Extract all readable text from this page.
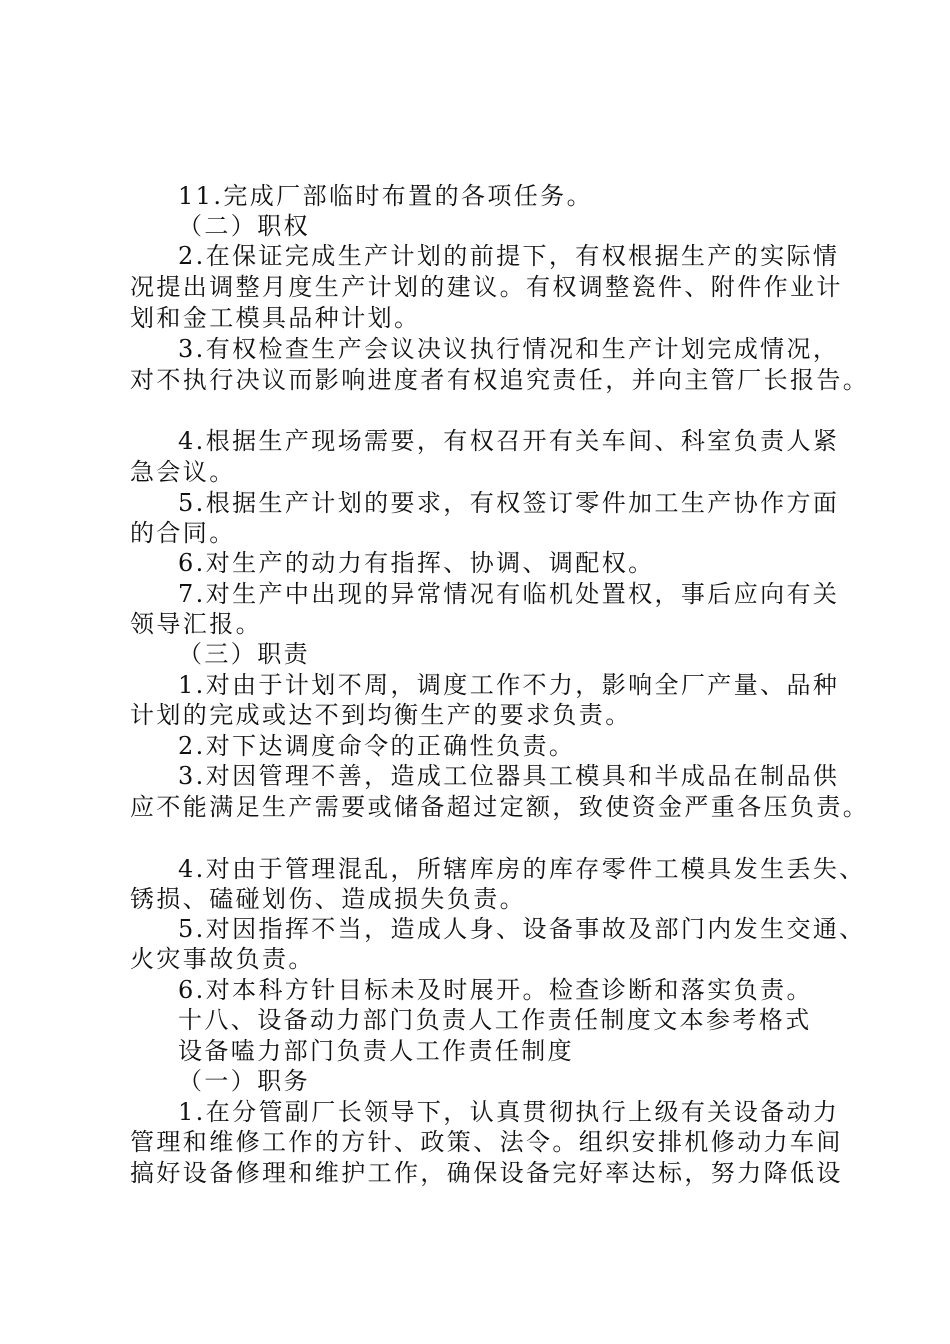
11.完成厂部临时布置的各项任务。
（二）职权
2.在保证完成生产计划的前提下，有权根据生产的实际情
况提出调整月度生产计划的建议。有权调整瓷件、附件作业计
划和金工模具品种计划。
3.有权检查生产会议决议执行情况和生产计划完成情况，
对不执行决议而影响进度者有权追究责任，并向主管厂长报告。
4.根据生产现场需要，有权召开有关车间、科室负责人紧
急会议。
5.根据生产计划的要求，有权签订零件加工生产协作方面
的合同。
6.对生产的动力有指挥、协调、调配权。
7.对生产中出现的异常情况有临机处置权，事后应向有关
领导汇报。
（三）职责
1.对由于计划不周，调度工作不力，影响全厂产量、品种
计划的完成或达不到均衡生产的要求负责。
2.对下达调度命令的正确性负责。
3.对因管理不善，造成工位器具工模具和半成品在制品供
应不能满足生产需要或储备超过定额，致使资金严重各压负责。
4.对由于管理混乱，所辖库房的库存零件工模具发生丢失、
锈损、磕碰划伤、造成损失负责。
5.对因指挥不当，造成人身、设备事故及部门内发生交通、
火灾事故负责。
6.对本科方针目标未及时展开。检查诊断和落实负责。
十八、设备动力部门负责人工作责任制度文本参考格式
设备嗑力部门负责人工作责任制度
（一）职务
1.在分管副厂长领导下，认真贯彻执行上级有关设备动力
管理和维修工作的方针、政策、法令。组织安排机修动力车间
搞好设备修理和维护工作，确保设备完好率达标，努力降低设
